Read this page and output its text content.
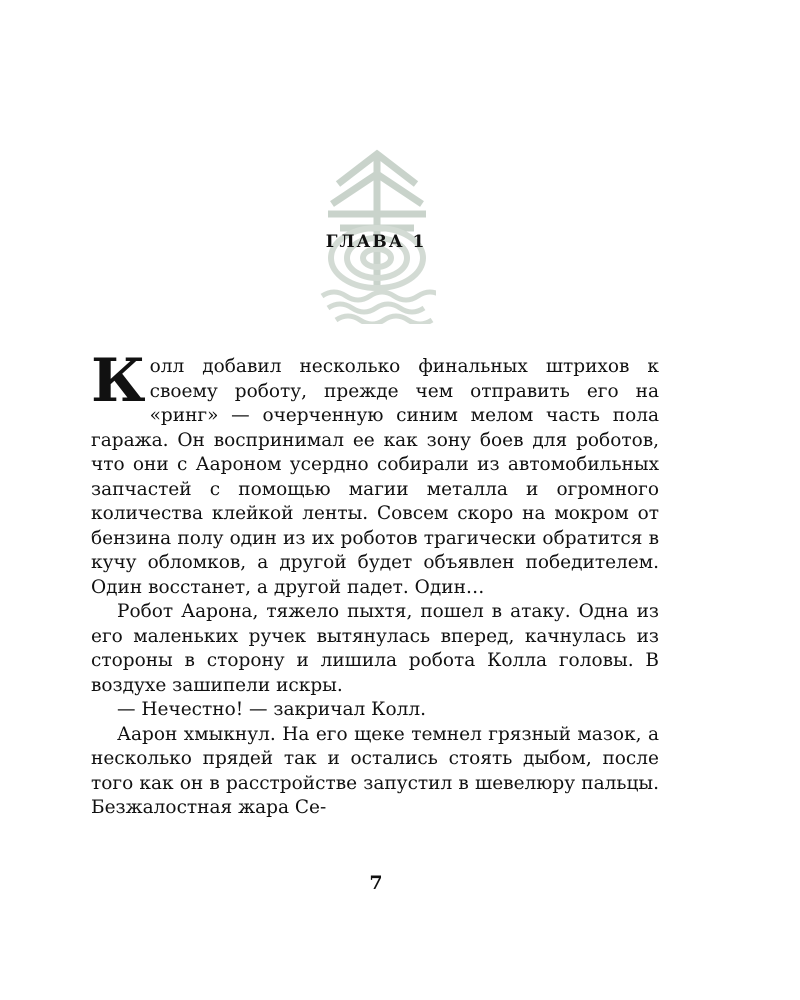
ГЛАВА 1

Колл добавил несколько финальных штрихов к своему роботу, прежде чем отправить его на «ринг» — очерченную синим мелом часть пола гаража. Он воспринимал ее как зону боев для роботов, что они с Аароном усердно собирали из автомобильных запчастей с помощью магии металла и огромного количества клейкой ленты. Совсем скоро на мокром от бензина полу один из их роботов трагически обратится в кучу обломков, а другой будет объявлен победителем. Один восстанет, а другой падет. Один…

Робот Аарона, тяжело пыхтя, пошел в атаку. Одна из его маленьких ручек вытянулась вперед, качнулась из стороны в сторону и лишила робота Колла головы. В воздухе зашипели искры.

— Нечестно! — закричал Колл.

Аарон хмыкнул. На его щеке темнел грязный мазок, а несколько прядей так и остались стоять дыбом, после того как он в расстройстве запустил в шевелюру пальцы. Безжалостная жара Се-

7
